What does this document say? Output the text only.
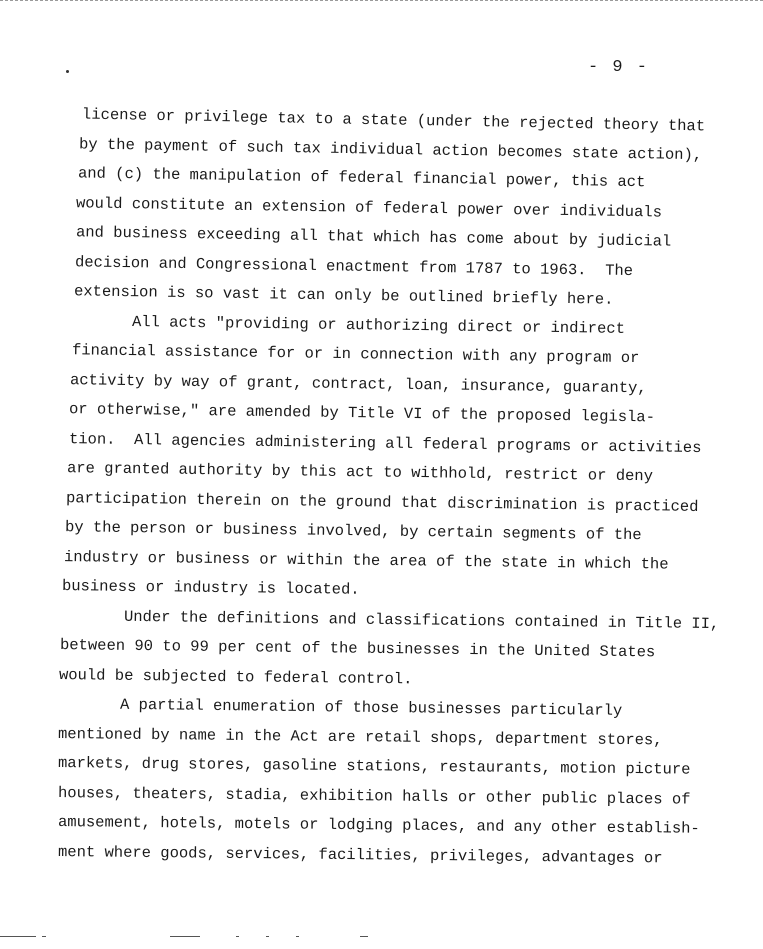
- 9 -
license or privilege tax to a state (under the rejected theory that
by the payment of such tax individual action becomes state action),
and (c) the manipulation of federal financial power, this act
would constitute an extension of federal power over individuals
and business exceeding all that which has come about by judicial
decision and Congressional enactment from 1787 to 1963.  The
extension is so vast it can only be outlined briefly here.
All acts "providing or authorizing direct or indirect
financial assistance for or in connection with any program or
activity by way of grant, contract, loan, insurance, guaranty,
or otherwise," are amended by Title VI of the proposed legisla-
tion.  All agencies administering all federal programs or activities
are granted authority by this act to withhold, restrict or deny
participation therein on the ground that discrimination is practiced
by the person or business involved, by certain segments of the
industry or business or within the area of the state in which the
business or industry is located.
Under the definitions and classifications contained in Title II,
between 90 to 99 per cent of the businesses in the United States
would be subjected to federal control.
A partial enumeration of those businesses particularly
mentioned by name in the Act are retail shops, department stores,
markets, drug stores, gasoline stations, restaurants, motion picture
houses, theaters, stadia, exhibition halls or other public places of
amusement, hotels, motels or lodging places, and any other establish-
ment where goods, services, facilities, privileges, advantages or
